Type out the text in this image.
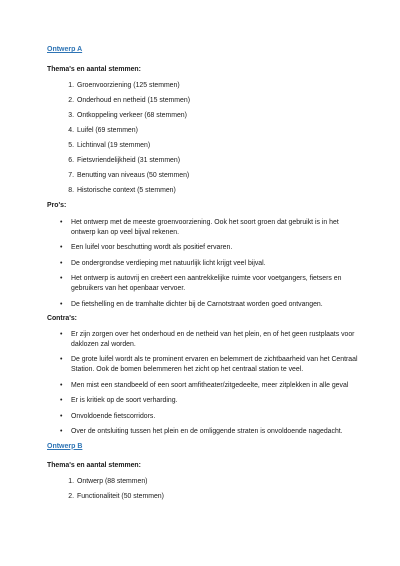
Ontwerp A
Thema's en aantal stemmen:
1. Groenvoorziening (125 stemmen)
2. Onderhoud en netheid (15 stemmen)
3. Ontkoppeling verkeer (68 stemmen)
4. Luifel (69 stemmen)
5. Lichtinval (19 stemmen)
6. Fietsvriendelijkheid (31 stemmen)
7. Benutting van niveaus (50 stemmen)
8. Historische context (5 stemmen)
Pro's:
• Het ontwerp met de meeste groenvoorziening. Ook het soort groen dat gebruikt is in het ontwerp kan op veel bijval rekenen.
• Een luifel voor beschutting wordt als positief ervaren.
• De ondergrondse verdieping met natuurlijk licht krijgt veel bijval.
• Het ontwerp is autovrij en creëert een aantrekkelijke ruimte voor voetgangers, fietsers en gebruikers van het openbaar vervoer.
• De fietshelling en de tramhalte dichter bij de Carnotstraat worden goed ontvangen.
Contra's:
• Er zijn zorgen over het onderhoud en de netheid van het plein, en of het geen rustplaats voor daklozen zal worden.
• De grote luifel wordt als te prominent ervaren en belemmert de zichtbaarheid van het Centraal Station. Ook de bomen belemmeren het zicht op het centraal station te veel.
• Men mist een standbeeld of een soort amfitheater/zitgedeelte, meer zitplekken in alle geval
• Er is kritiek op de soort verharding.
• Onvoldoende fietscorridors.
• Over de ontsluiting tussen het plein en de omliggende straten is onvoldoende nagedacht.
Ontwerp B
Thema's en aantal stemmen:
1. Ontwerp (88 stemmen)
2. Functionaliteit (50 stemmen)
